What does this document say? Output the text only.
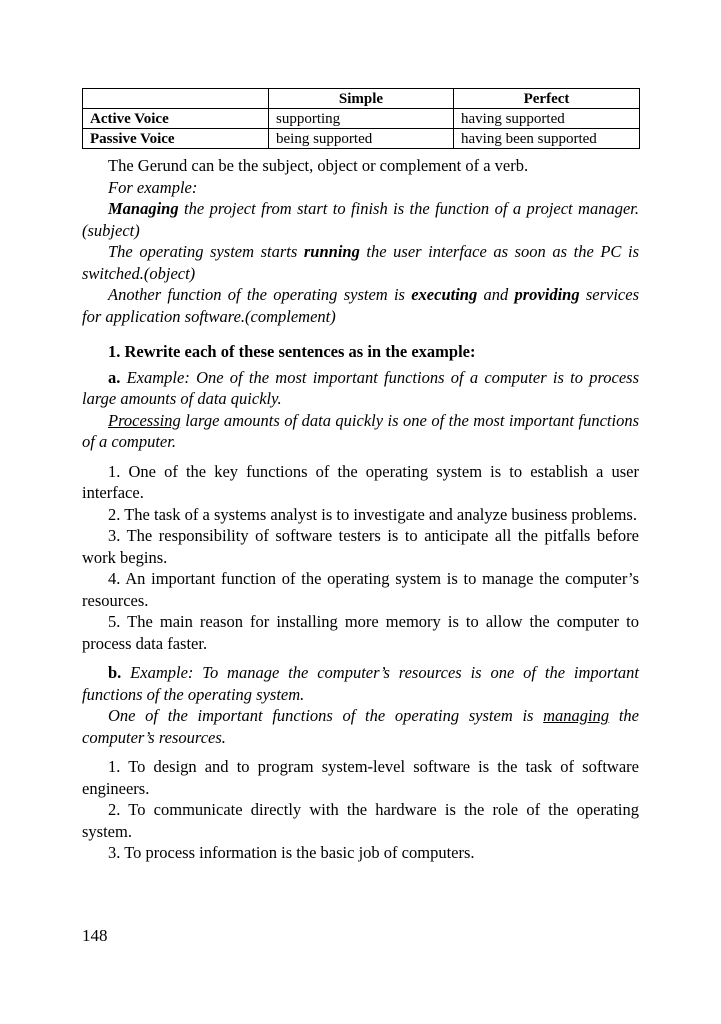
	Simple	Perfect
Active Voice	supporting	having supported
Passive Voice	being supported	having been supported

The Gerund can be the subject, object or complement of a verb.

For example:

Managing the project from start to finish is the function of a project manager.(subject)

The operating system starts running the user interface as soon as the PC is switched.(object)

Another function of the operating system is executing and providing services for application software.(complement)

1. Rewrite each of these sentences as in the example:

a. Example: One of the most important functions of a computer is to process large amounts of data quickly.

Processing large amounts of data quickly is one of the most important functions of a computer.

1. One of the key functions of the operating system is to establish a user interface.

2. The task of a systems analyst is to investigate and analyze business problems.

3. The responsibility of software testers is to anticipate all the pitfalls before work begins.

4. An important function of the operating system is to manage the computer’s resources.

5. The main reason for installing more memory is to allow the computer to process data faster.

b. Example: To manage the computer’s resources is one of the important functions of the operating system.

One of the important functions of the operating system is managing the computer’s resources.

1. To design and to program system-level software is the task of software engineers.

2. To communicate directly with the hardware is the role of the operating system.

3. To process information is the basic job of computers.

148
